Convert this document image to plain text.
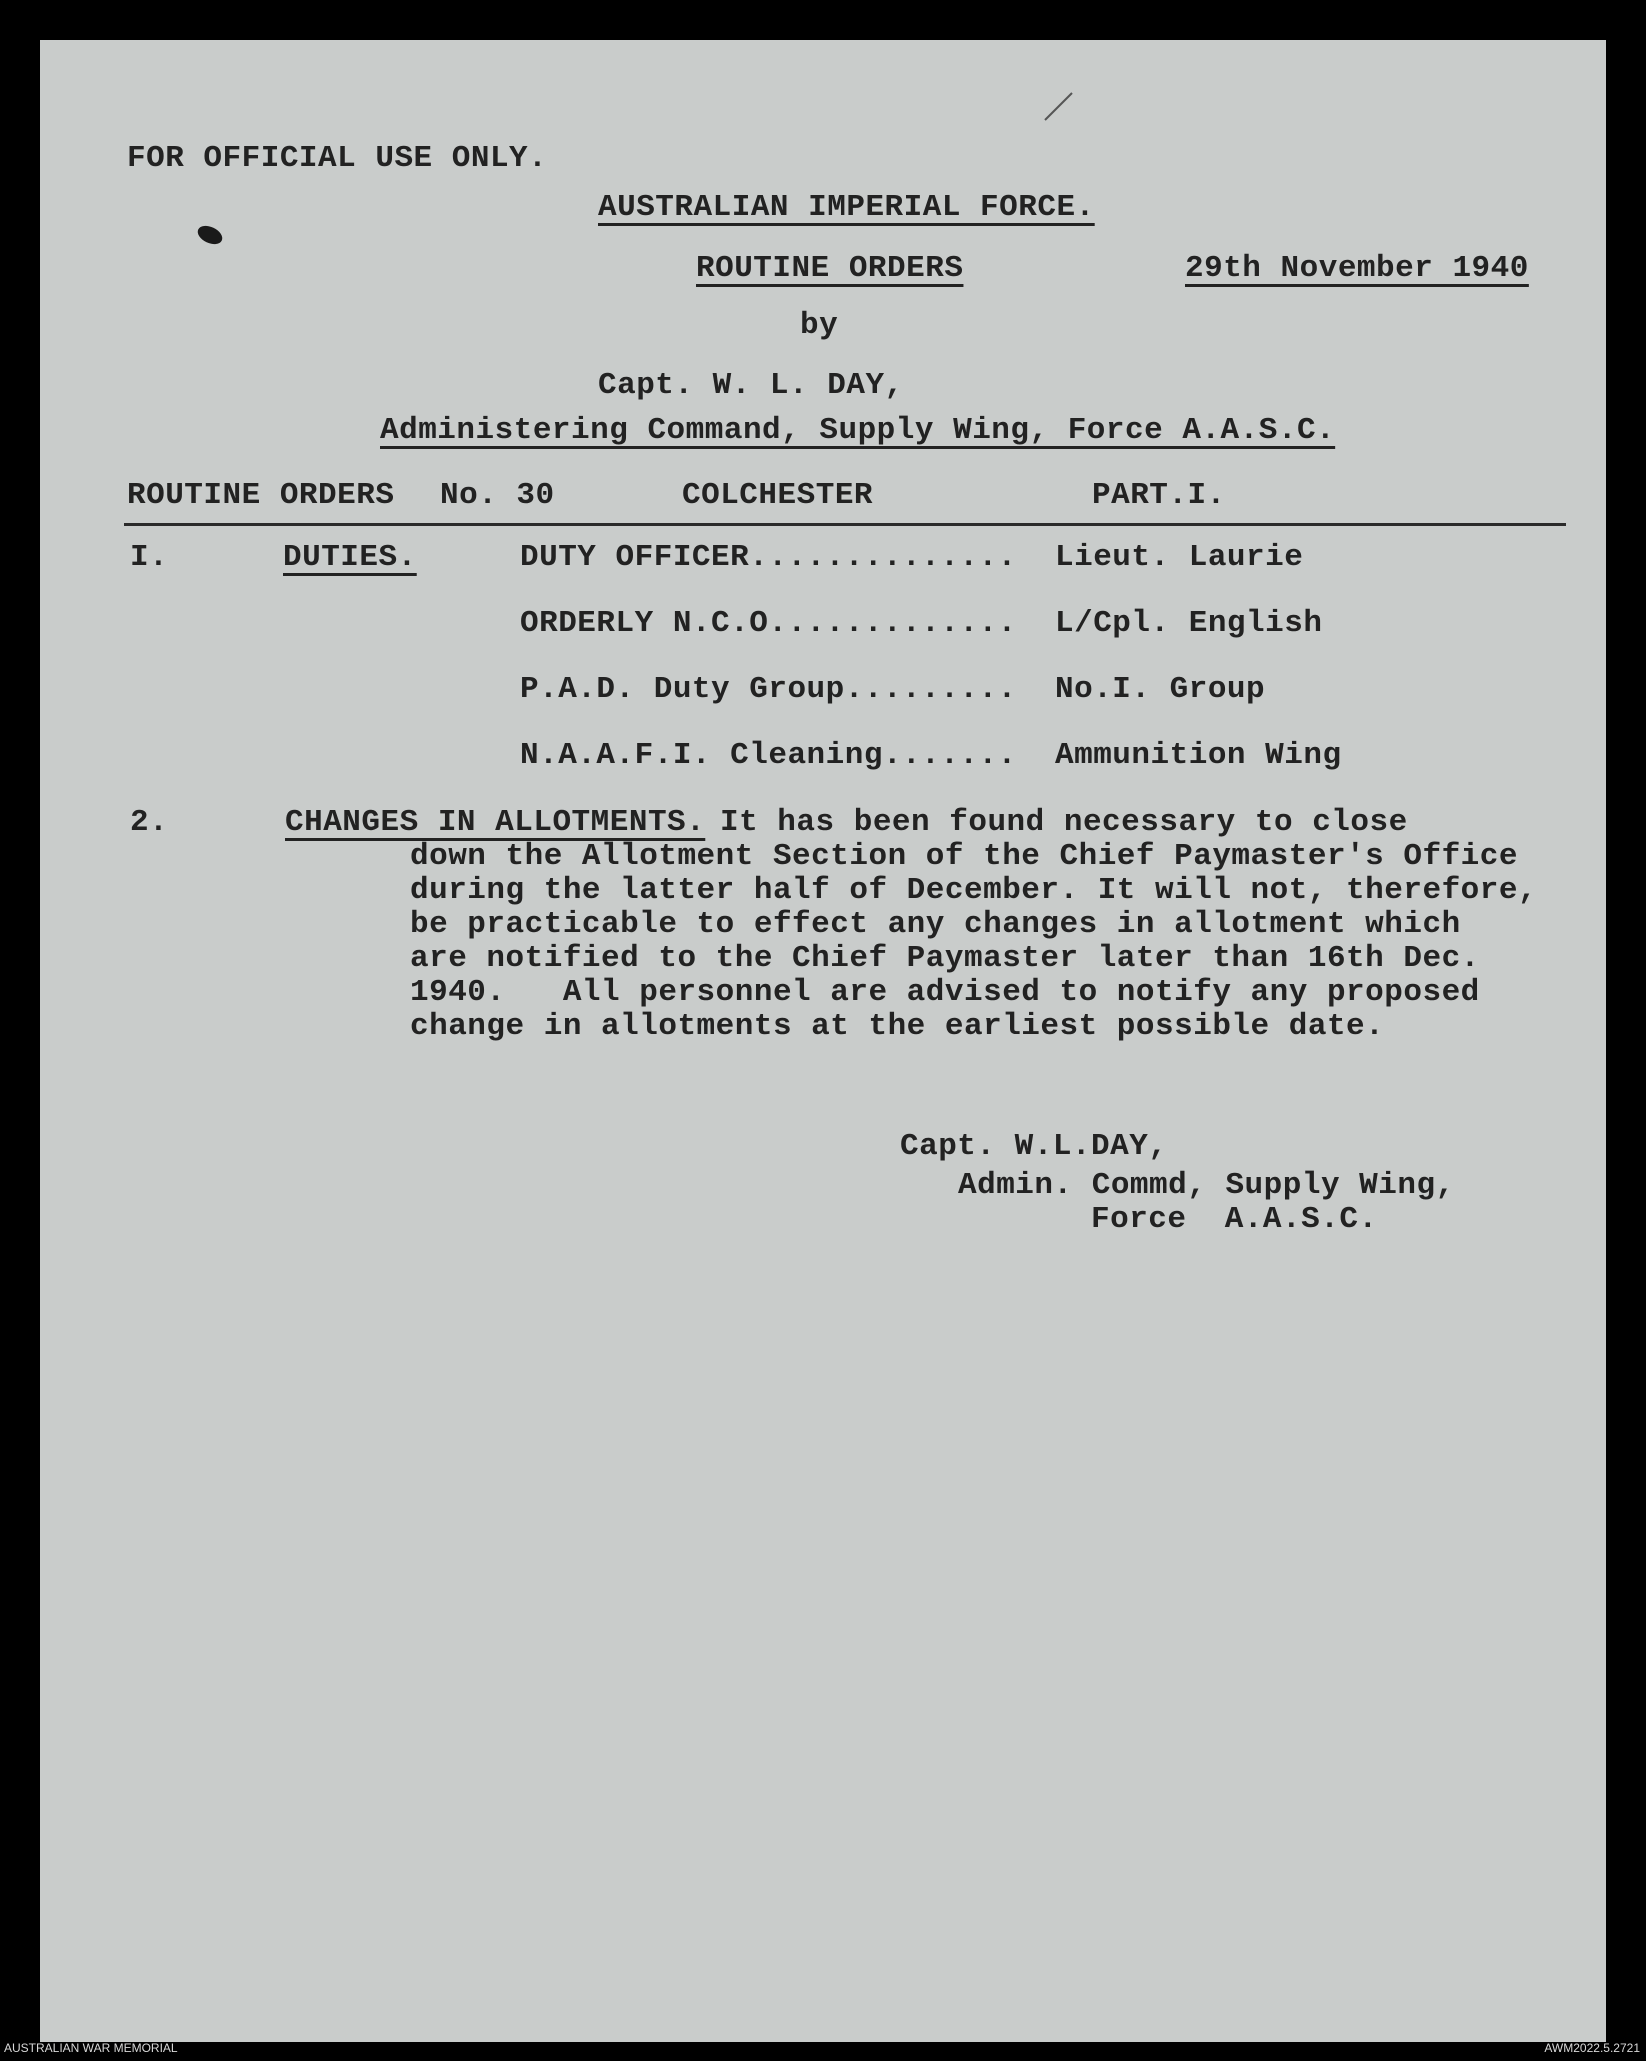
FOR OFFICIAL USE ONLY.
AUSTRALIAN IMPERIAL FORCE.
ROUTINE ORDERS	29th November 1940
by
Capt. W. L. DAY,
Administering Command, Supply Wing, Force A.A.S.C.
ROUTINE ORDERS No. 30	COLCHESTER	PART.I.
I.	DUTIES.	DUTY OFFICER.............. Lieut. Laurie
ORDERLY N.C.O............. L/Cpl. English
P.A.D. Duty Group......... No.I. Group
N.A.A.F.I. Cleaning....... Ammunition Wing
2.	CHANGES IN ALLOTMENTS. It has been found necessary to close
down the Allotment Section of the Chief Paymaster's Office
during the latter half of December. It will not, therefore,
be practicable to effect any changes in allotment which
are notified to the Chief Paymaster later than 16th Dec.
1940.   All personnel are advised to notify any proposed
change in allotments at the earliest possible date.
Capt. W.L.DAY,
Admin. Commd, Supply Wing,
Force  A.A.S.C.
AUSTRALIAN WAR MEMORIAL	AWM2022.5.2721
